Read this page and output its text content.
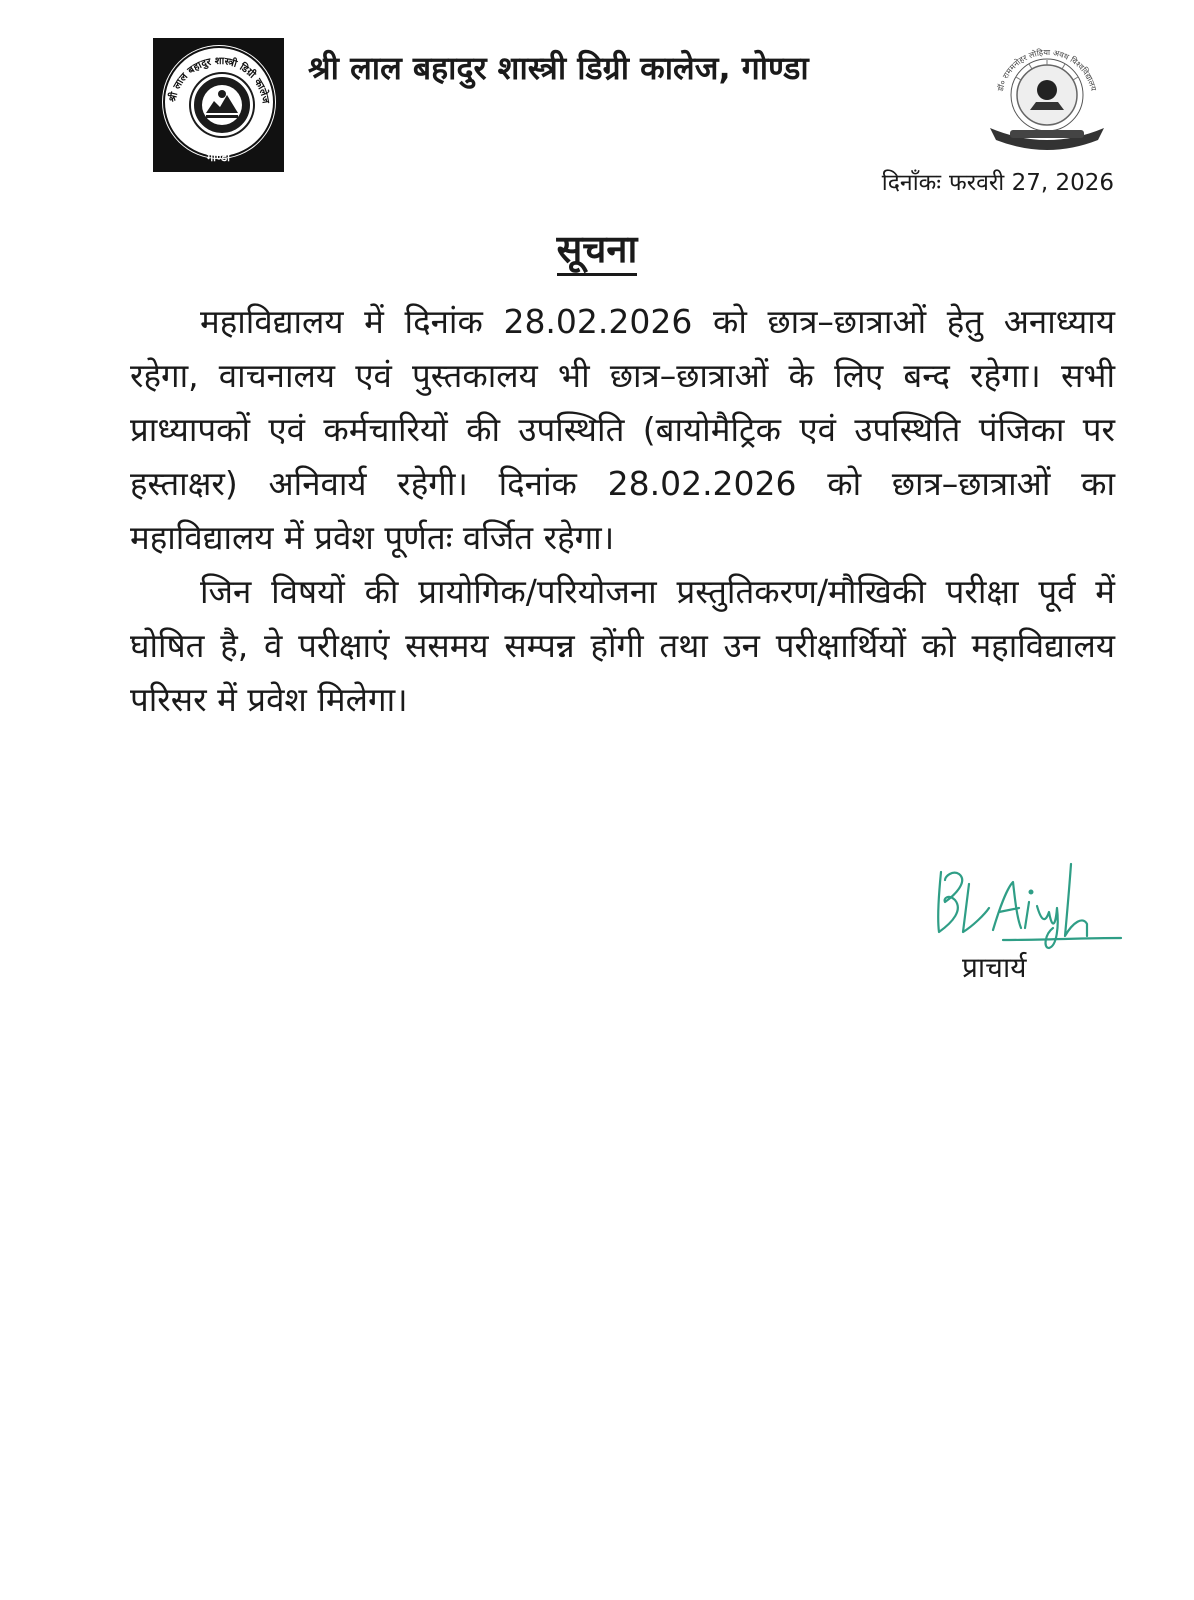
श्री लाल बहादुर शास्त्री डिग्री कालेज
गोण्डा
श्री लाल बहादुर शास्त्री डिग्री कालेज, गोण्डा
डॉ० राममनोहर लोहिया अवध विश्वविद्यालय
दिनाँकः फरवरी 27, 2026
सूचना

महाविद्यालय में दिनांक 28.02.2026 को छात्र–छात्राओं हेतु अनाध्याय रहेगा, वाचनालय एवं पुस्तकालय भी छात्र–छात्राओं के लिए बन्द रहेगा। सभी प्राध्यापकों एवं कर्मचारियों की उपस्थिति (बायोमैट्रिक एवं उपस्थिति पंजिका पर हस्ताक्षर) अनिवार्य रहेगी। दिनांक 28.02.2026 को छात्र–छात्राओं का महाविद्यालय में प्रवेश पूर्णतः वर्जित रहेगा।

जिन विषयों की प्रायोगिक/परियोजना प्रस्तुतिकरण/मौखिकी परीक्षा पूर्व में घोषित है, वे परीक्षाएं ससमय सम्पन्न होंगी तथा उन परीक्षार्थियों को महाविद्यालय परिसर में प्रवेश मिलेगा।

प्राचार्य
